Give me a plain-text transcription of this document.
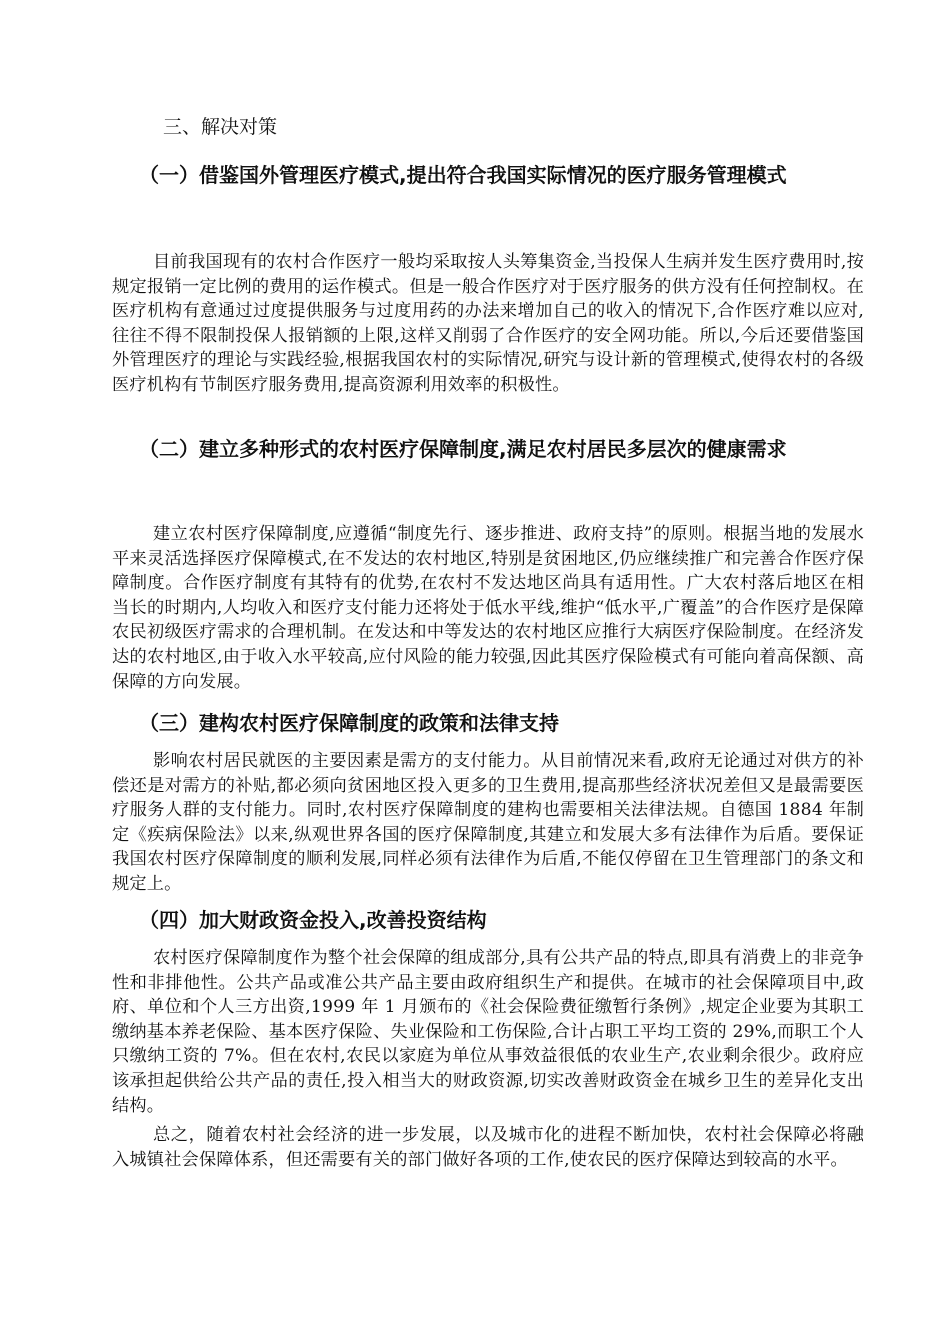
三、解决对策
（一）借鉴国外管理医疗模式,提出符合我国实际情况的医疗服务管理模式

目前我国现有的农村合作医疗一般均采取按人头筹集资金,当投保人生病并发生医疗费用时,按规定报销一定比例的费用的运作模式。但是一般合作医疗对于医疗服务的供方没有任何控制权。在医疗机构有意通过过度提供服务与过度用药的办法来增加自己的收入的情况下,合作医疗难以应对,往往不得不限制投保人报销额的上限,这样又削弱了合作医疗的安全网功能。所以,今后还要借鉴国外管理医疗的理论与实践经验,根据我国农村的实际情况,研究与设计新的管理模式,使得农村的各级医疗机构有节制医疗服务费用,提高资源利用效率的积极性。

（二）建立多种形式的农村医疗保障制度,满足农村居民多层次的健康需求

建立农村医疗保障制度,应遵循“制度先行、逐步推进、政府支持”的原则。根据当地的发展水平来灵活选择医疗保障模式,在不发达的农村地区,特别是贫困地区,仍应继续推广和完善合作医疗保障制度。合作医疗制度有其特有的优势,在农村不发达地区尚具有适用性。广大农村落后地区在相当长的时期内,人均收入和医疗支付能力还将处于低水平线,维护“低水平,广覆盖”的合作医疗是保障农民初级医疗需求的合理机制。在发达和中等发达的农村地区应推行大病医疗保险制度。在经济发达的农村地区,由于收入水平较高,应付风险的能力较强,因此其医疗保险模式有可能向着高保额、高保障的方向发展。

（三）建构农村医疗保障制度的政策和法律支持

影响农村居民就医的主要因素是需方的支付能力。从目前情况来看,政府无论通过对供方的补偿还是对需方的补贴,都必须向贫困地区投入更多的卫生费用,提高那些经济状况差但又是最需要医疗服务人群的支付能力。同时,农村医疗保障制度的建构也需要相关法律法规。自德国 1884 年制定《疾病保险法》以来,纵观世界各国的医疗保障制度,其建立和发展大多有法律作为后盾。要保证我国农村医疗保障制度的顺利发展,同样必须有法律作为后盾,不能仅停留在卫生管理部门的条文和规定上。

（四）加大财政资金投入,改善投资结构

农村医疗保障制度作为整个社会保障的组成部分,具有公共产品的特点,即具有消费上的非竞争性和非排他性。公共产品或准公共产品主要由政府组织生产和提供。在城市的社会保障项目中,政府、单位和个人三方出资,1999 年 1 月颁布的《社会保险费征缴暂行条例》,规定企业要为其职工缴纳基本养老保险、基本医疗保险、失业保险和工伤保险,合计占职工平均工资的 29%,而职工个人只缴纳工资的 7%。但在农村,农民以家庭为单位从事效益很低的农业生产,农业剩余很少。政府应该承担起供给公共产品的责任,投入相当大的财政资源,切实改善财政资金在城乡卫生的差异化支出结构。

总之，随着农村社会经济的进一步发展，以及城市化的进程不断加快，农村社会保障必将融入城镇社会保障体系，但还需要有关的部门做好各项的工作,使农民的医疗保障达到较高的水平。
